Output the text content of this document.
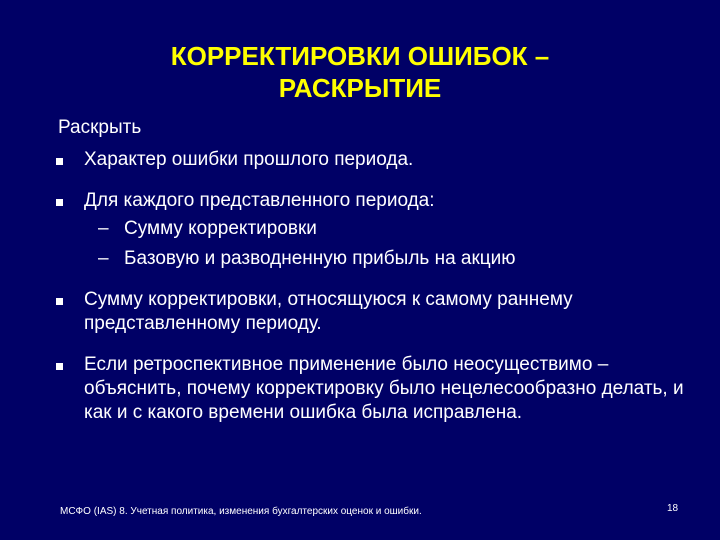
КОРРЕКТИРОВКИ ОШИБОК –
РАСКРЫТИЕ
Раскрыть
Характер ошибки прошлого периода.
Для каждого представленного периода:
– Сумму корректировки
– Базовую и разводненную прибыль на акцию
Сумму корректировки, относящуюся к самому раннему представленному периоду.
Если ретроспективное применение было неосуществимо – объяснить, почему корректировку было нецелесообразно делать, и как и с какого времени ошибка была исправлена.
МСФО (IAS) 8. Учетная политика, изменения бухгалтерских оценок и ошибки.	18
